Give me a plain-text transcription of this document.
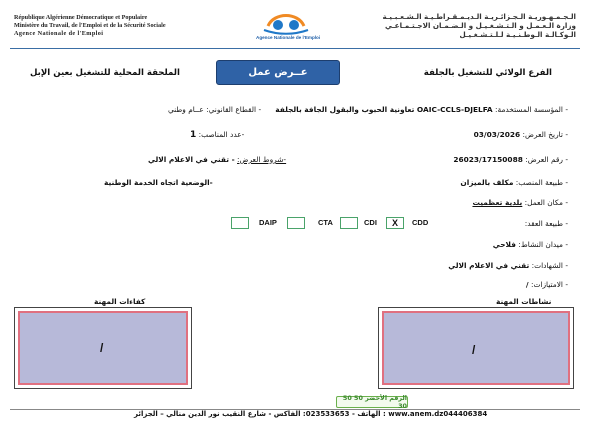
République Algérienne Démocratique et Populaire
Ministère du Travail, de l'Emploi et de la Sécurité Sociale
Agence Nationale de l'Emploi
Agence Nationale de l'Emploi
الـجـمـهـوريـة الـجـزائـريـة الـديـمـقـراطـيـة الـشـعـبـيـة
وزارة الـعـمـل و الـتـشـغـيـل و الـضـمـان الاجـتـمـاعـي
الـوكـالـة الـوطـنـيـة لـلـتـشـغـيـل
الملحقة المحلية للتشغيل بعين الإبل	الفرع الولائي للتشغيل بالجلفة
عــرض عمل
- المؤسسة المستخدمة: OAIC-CCLS-DJELFA تعاونية الحبوب والبقول الجافة بالجلفة
- القطاع القانوني: عــام وطني
- تاريخ العرض: 03/03/2026
-عدد المناصب: 1
- رقم العرض: 26023/17150088
-شروط العرض: - تقني في الاعلام الالي
- طبيعة المنصب: مكلف بالميزان
-الوضعية اتجاه الخدمة الوطنية
- مكان العمل: بلدية تعظميت
- طبيعة العقد:
CDD
X
CDI
CTA
DAIP
- ميدان النشاط: فلاحي
- الشهادات: تقني في الاعلام الالي
- الامتيازات: /
كفاءات المهنة
/
نشاطات المهنة
/
الرقم الأخضر 50 50 30
www.anem.dz044406384 : الهاتف - 023533653: الفاكس - شارع النقيب نور الدين منالي – الجزائر
